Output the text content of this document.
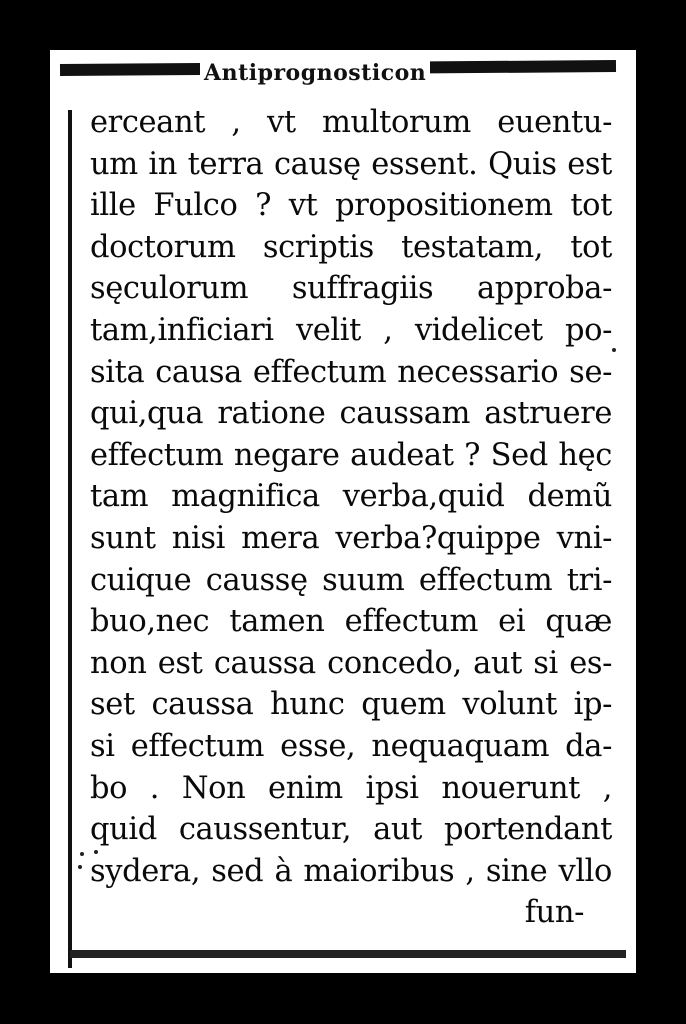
Antiprognosticon
erceant , vt multorum euentu-
um in terra causę essent. Quis est
ille Fulco ? vt propositionem tot
doctorum scriptis testatam, tot
sęculorum suffragiis approba-
tam,inficiari velit , videlicet po-
sita causa effectum necessario se-
qui,qua ratione caussam astruere
effectum negare audeat ? Sed hęc
tam magnifica verba,quid demũ
sunt nisi mera verba?quippe vni-
cuique caussę suum effectum tri-
buo,nec tamen effectum ei quæ
non est caussa concedo, aut si es-
set caussa hunc quem volunt ip-
si effectum esse, nequaquam da-
bo . Non enim ipsi nouerunt ,
quid caussentur, aut portendant
sydera, sed à maioribus , sine vllo
fun-
